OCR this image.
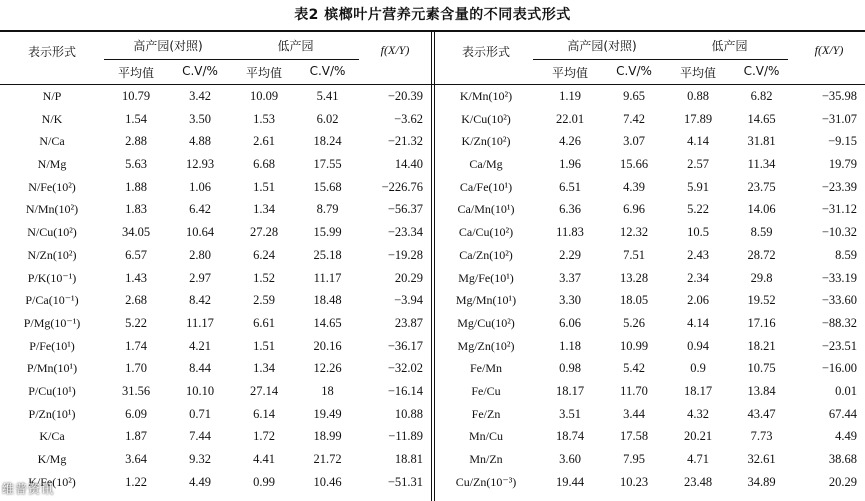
表2 槟榔叶片营养元素含量的不同表式形式
表示形式	高产园(对照)	低产园	f(X/Y)
平均值	C.V/%	平均值	C.V/%
N/P	10.79	3.42	10.09	5.41	−20.39
N/K	1.54	3.50	1.53	6.02	−3.62
N/Ca	2.88	4.88	2.61	18.24	−21.32
N/Mg	5.63	12.93	6.68	17.55	14.40
N/Fe(10²)	1.88	1.06	1.51	15.68	−226.76
N/Mn(10²)	1.83	6.42	1.34	8.79	−56.37
N/Cu(10²)	34.05	10.64	27.28	15.99	−23.34
N/Zn(10²)	6.57	2.80	6.24	25.18	−19.28
P/K(10⁻¹)	1.43	2.97	1.52	11.17	20.29
P/Ca(10⁻¹)	2.68	8.42	2.59	18.48	−3.94
P/Mg(10⁻¹)	5.22	11.17	6.61	14.65	23.87
P/Fe(10¹)	1.74	4.21	1.51	20.16	−36.17
P/Mn(10¹)	1.70	8.44	1.34	12.26	−32.02
P/Cu(10¹)	31.56	10.10	27.14	18	−16.14
P/Zn(10¹)	6.09	0.71	6.14	19.49	10.88
K/Ca	1.87	7.44	1.72	18.99	−11.89
K/Mg	3.64	9.32	4.41	21.72	18.81
K/Fe(10²)	1.22	4.49	0.99	10.46	−51.31
表示形式	高产园(对照)	低产园	f(X/Y)
平均值	C.V/%	平均值	C.V/%
K/Mn(10²)	1.19	9.65	0.88	6.82	−35.98
K/Cu(10²)	22.01	7.42	17.89	14.65	−31.07
K/Zn(10²)	4.26	3.07	4.14	31.81	−9.15
Ca/Mg	1.96	15.66	2.57	11.34	19.79
Ca/Fe(10¹)	6.51	4.39	5.91	23.75	−23.39
Ca/Mn(10¹)	6.36	6.96	5.22	14.06	−31.12
Ca/Cu(10²)	11.83	12.32	10.5	8.59	−10.32
Ca/Zn(10²)	2.29	7.51	2.43	28.72	8.59
Mg/Fe(10¹)	3.37	13.28	2.34	29.8	−33.19
Mg/Mn(10¹)	3.30	18.05	2.06	19.52	−33.60
Mg/Cu(10²)	6.06	5.26	4.14	17.16	−88.32
Mg/Zn(10²)	1.18	10.99	0.94	18.21	−23.51
Fe/Mn	0.98	5.42	0.9	10.75	−16.00
Fe/Cu	18.17	11.70	18.17	13.84	0.01
Fe/Zn	3.51	3.44	4.32	43.47	67.44
Mn/Cu	18.74	17.58	20.21	7.73	4.49
Mn/Zn	3.60	7.95	4.71	32.61	38.68
Cu/Zn(10⁻³)	19.44	10.23	23.48	34.89	20.29
维普资讯
